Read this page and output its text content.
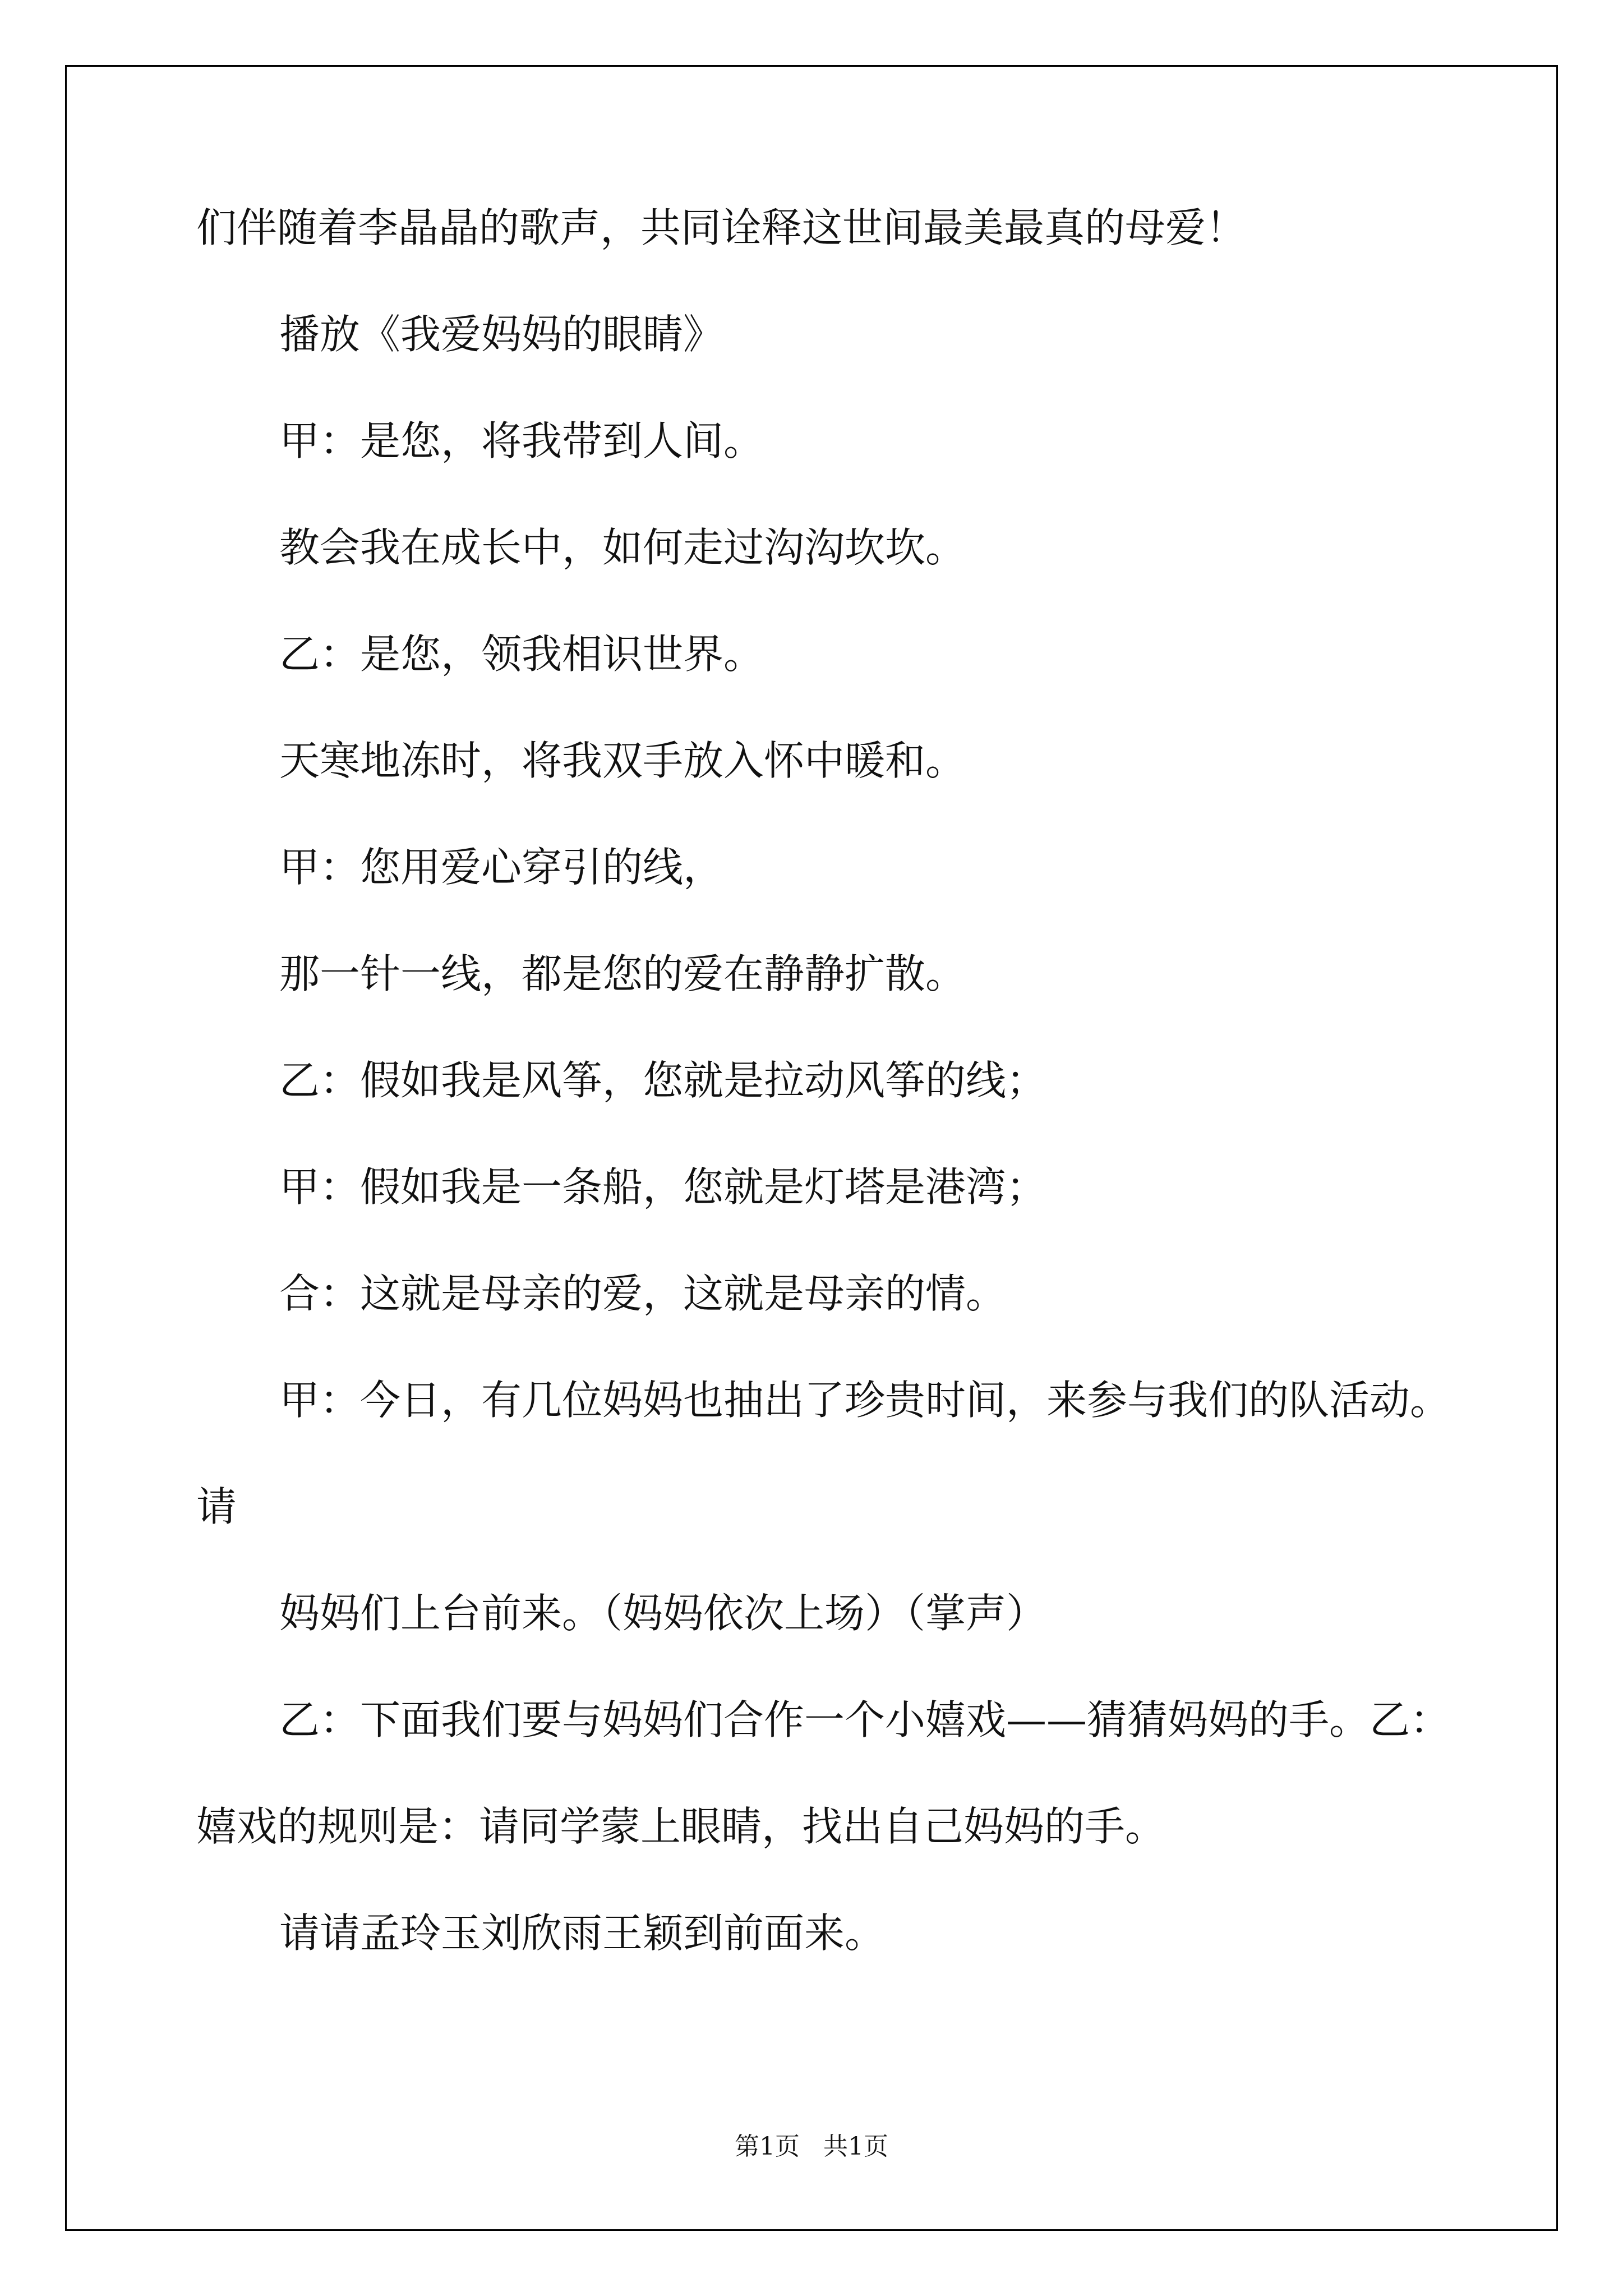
们伴随着李晶晶的歌声，共同诠释这世间最美最真的母爱！
播放《我爱妈妈的眼睛》
甲：是您，将我带到人间。
教会我在成长中，如何走过沟沟坎坎。
乙：是您，领我相识世界。
天寒地冻时，将我双手放入怀中暖和。
甲：您用爱心穿引的线，
那一针一线，都是您的爱在静静扩散。
乙：假如我是风筝，您就是拉动风筝的线；
甲：假如我是一条船，您就是灯塔是港湾；
合：这就是母亲的爱，这就是母亲的情。
甲：今日，有几位妈妈也抽出了珍贵时间，来参与我们的队活动。
请
妈妈们上台前来。（妈妈依次上场）（掌声）
乙：下面我们要与妈妈们合作一个小嬉戏——猜猜妈妈的手。乙：
嬉戏的规则是：请同学蒙上眼睛，找出自己妈妈的手。
请请孟玲玉刘欣雨王颖到前面来。
第1页   共1页
